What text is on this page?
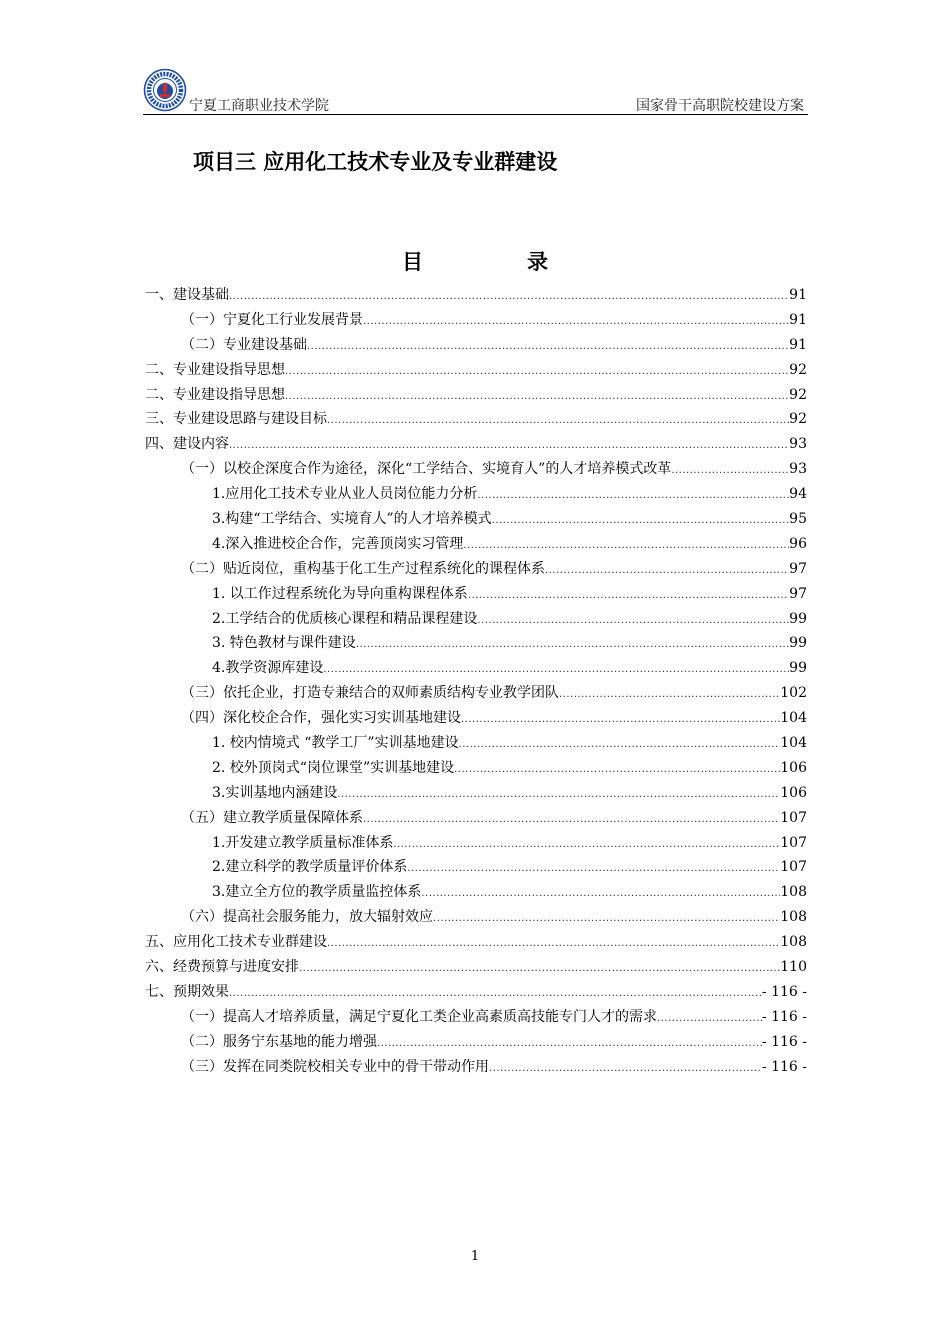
宁夏工商职业技术学院	国家骨干高职院校建设方案
项目三 应用化工技术专业及专业群建设
目 录
一、建设基础 .....	91
（一）宁夏化工行业发展背景 .....	91
（二）专业建设基础 .....	91
二、专业建设指导思想 .....	92
二、专业建设指导思想 .....	92
三、专业建设思路与建设目标 .....	92
四、建设内容 .....	93
（一）以校企深度合作为途径，深化“工学结合、实境育人”的人才培养模式改革 .....	93
1.应用化工技术专业从业人员岗位能力分析 .....	94
3.构建“工学结合、实境育人”的人才培养模式 .....	95
4.深入推进校企合作，完善顶岗实习管理 .....	96
（二）贴近岗位，重构基于化工生产过程系统化的课程体系 .....	97
1. 以工作过程系统化为导向重构课程体系 .....	97
2.工学结合的优质核心课程和精品课程建设 .....	99
3. 特色教材与课件建设 .....	99
4.教学资源库建设 .....	99
（三）依托企业，打造专兼结合的双师素质结构专业教学团队 .....	102
（四）深化校企合作，强化实习实训基地建设 .....	104
1. 校内情境式 “教学工厂”实训基地建设 .....	104
2. 校外顶岗式“岗位课堂”实训基地建设 .....	106
3.实训基地内涵建设 .....	106
（五）建立教学质量保障体系 .....	107
1.开发建立教学质量标准体系 .....	107
2.建立科学的教学质量评价体系 .....	107
3.建立全方位的教学质量监控体系 .....	108
（六）提高社会服务能力，放大辐射效应 .....	108
五、应用化工技术专业群建设 .....	108
六、经费预算与进度安排 .....	110
七、预期效果 .....	- 116 -
（一）提高人才培养质量，满足宁夏化工类企业高素质高技能专门人才的需求 .....	- 116 -
（二）服务宁东基地的能力增强 .....	- 116 -
（三）发挥在同类院校相关专业中的骨干带动作用 .....	- 116 -
1
